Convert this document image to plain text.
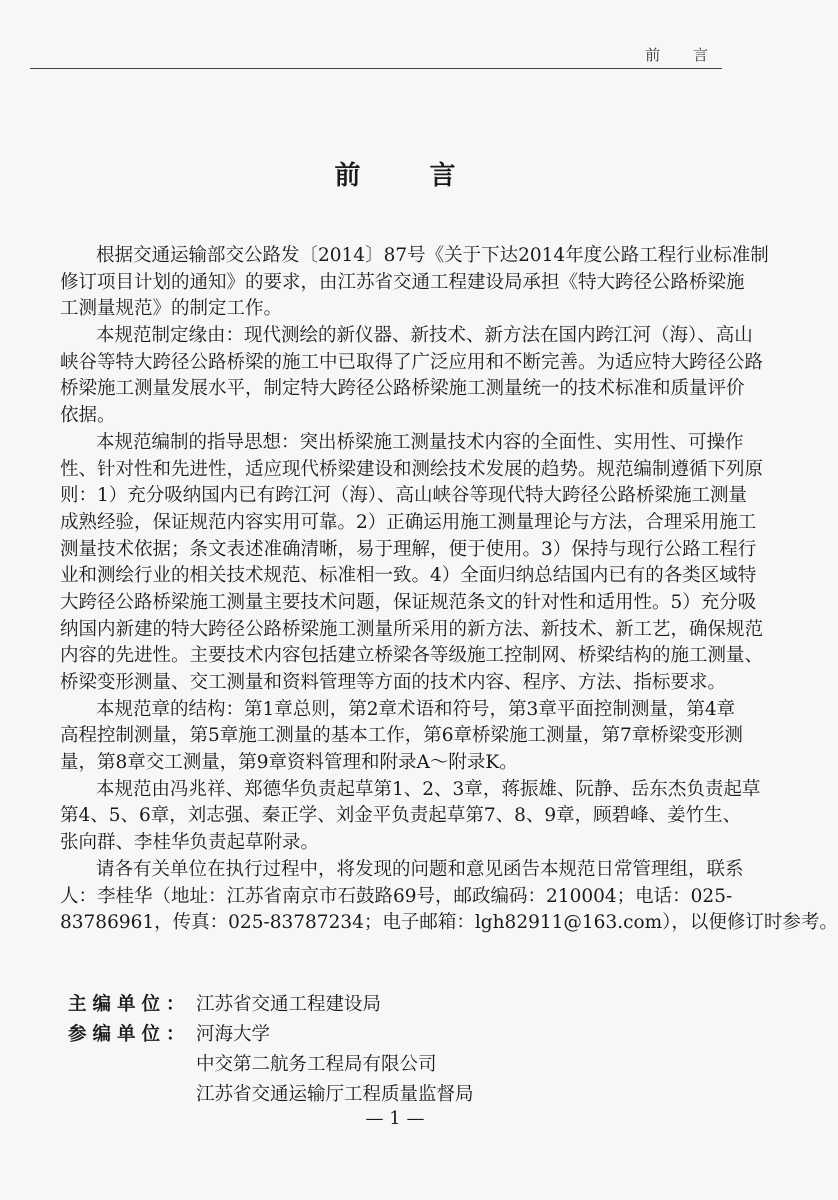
前 言
前 言
根据交通运输部交公路发〔2014〕87号《关于下达2014年度公路工程行业标准制
修订项目计划的通知》的要求，由江苏省交通工程建设局承担《特大跨径公路桥梁施
工测量规范》的制定工作。
本规范制定缘由：现代测绘的新仪器、新技术、新方法在国内跨江河（海）、高山
峡谷等特大跨径公路桥梁的施工中已取得了广泛应用和不断完善。为适应特大跨径公路
桥梁施工测量发展水平，制定特大跨径公路桥梁施工测量统一的技术标准和质量评价
依据。
本规范编制的指导思想：突出桥梁施工测量技术内容的全面性、实用性、可操作
性、针对性和先进性，适应现代桥梁建设和测绘技术发展的趋势。规范编制遵循下列原
则：1）充分吸纳国内已有跨江河（海）、高山峡谷等现代特大跨径公路桥梁施工测量
成熟经验，保证规范内容实用可靠。2）正确运用施工测量理论与方法，合理采用施工
测量技术依据；条文表述准确清晰，易于理解，便于使用。3）保持与现行公路工程行
业和测绘行业的相关技术规范、标准相一致。4）全面归纳总结国内已有的各类区域特
大跨径公路桥梁施工测量主要技术问题，保证规范条文的针对性和适用性。5）充分吸
纳国内新建的特大跨径公路桥梁施工测量所采用的新方法、新技术、新工艺，确保规范
内容的先进性。主要技术内容包括建立桥梁各等级施工控制网、桥梁结构的施工测量、
桥梁变形测量、交工测量和资料管理等方面的技术内容、程序、方法、指标要求。
本规范章的结构：第1章总则，第2章术语和符号，第3章平面控制测量，第4章
高程控制测量，第5章施工测量的基本工作，第6章桥梁施工测量，第7章桥梁变形测
量，第8章交工测量，第9章资料管理和附录A～附录K。
本规范由冯兆祥、郑德华负责起草第1、2、3章，蒋振雄、阮静、岳东杰负责起草
第4、5、6章，刘志强、秦正学、刘金平负责起草第7、8、9章，顾碧峰、姜竹生、
张向群、李桂华负责起草附录。
请各有关单位在执行过程中，将发现的问题和意见函告本规范日常管理组，联系
人：李桂华（地址：江苏省南京市石鼓路69号，邮政编码：210004；电话：025-
83786961，传真：025-83787234；电子邮箱：lgh82911@163.com），以便修订时参考。
主编单位： 江苏省交通工程建设局
参编单位： 河海大学
中交第二航务工程局有限公司
江苏省交通运输厅工程质量监督局
— 1 —
